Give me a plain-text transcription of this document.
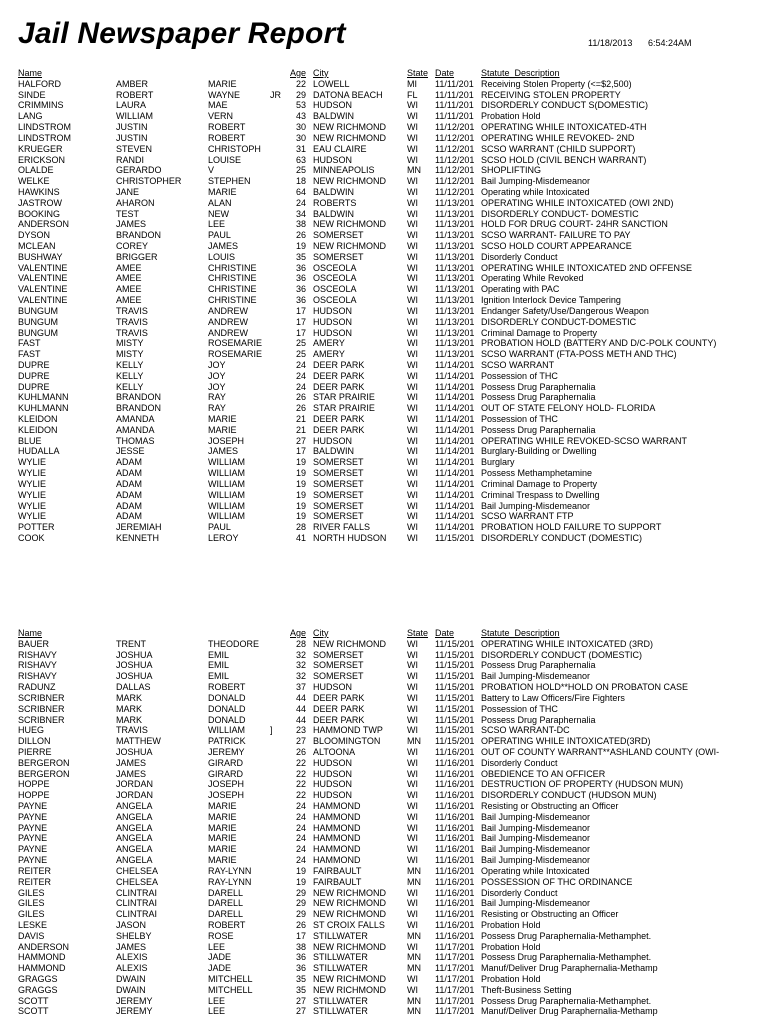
Jail Newspaper Report	11/18/2013 6:54:24AM
Name	Age City	State Date	Statute_Description
HALFORD	AMBER	MARIE	22 LOWELL	MI	11/11/201 Receiving Stolen Property (<=$2,500)
SINDE	ROBERT	WAYNE	JR	29 DATONA BEACH	FL	11/11/201 RECEIVING STOLEN PROPERTY
CRIMMINS	LAURA	MAE	53 HUDSON	WI	11/11/201 DISORDERLY CONDUCT S(DOMESTIC)
LANG	WILLIAM	VERN	43 BALDWIN	WI	11/11/201 Probation Hold
LINDSTROM	JUSTIN	ROBERT	30 NEW RICHMOND	WI	11/12/201 OPERATING WHILE INTOXICATED-4TH
LINDSTROM	JUSTIN	ROBERT	30 NEW RICHMOND	WI	11/12/201 OPERATING WHILE REVOKED- 2ND
KRUEGER	STEVEN	CHRISTOPH	31 EAU CLAIRE	WI	11/12/201 SCSO WARRANT (CHILD SUPPORT)
ERICKSON	RANDI	LOUISE	63 HUDSON	WI	11/12/201 SCSO HOLD (CIVIL BENCH WARRANT)
OLALDE	GERARDO	V	25 MINNEAPOLIS	MN	11/12/201 SHOPLIFTING
WELKE	CHRISTOPHER	STEPHEN	18 NEW RICHMOND	WI	11/12/201 Bail Jumping-Misdemeanor
HAWKINS	JANE	MARIE	64 BALDWIN	WI	11/12/201 Operating while Intoxicated
JASTROW	AHARON	ALAN	24 ROBERTS	WI	11/13/201 OPERATING WHILE INTOXICATED (OWI 2ND)
BOOKING	TEST	NEW	34 BALDWIN	WI	11/13/201 DISORDERLY CONDUCT- DOMESTIC
ANDERSON	JAMES	LEE	38 NEW RICHMOND	WI	11/13/201 HOLD FOR DRUG COURT- 24HR SANCTION
DYSON	BRANDON	PAUL	26 SOMERSET	WI	11/13/201 SCSO WARRANT- FAILURE TO PAY
MCLEAN	COREY	JAMES	19 NEW RICHMOND	WI	11/13/201 SCSO HOLD COURT APPEARANCE
BUSHWAY	BRIGGER	LOUIS	35 SOMERSET	WI	11/13/201 Disorderly Conduct
VALENTINE	AMEE	CHRISTINE	36 OSCEOLA	WI	11/13/201 OPERATING WHILE INTOXICATED 2ND OFFENSE
VALENTINE	AMEE	CHRISTINE	36 OSCEOLA	WI	11/13/201 Operating While Revoked
VALENTINE	AMEE	CHRISTINE	36 OSCEOLA	WI	11/13/201 Operating with PAC
VALENTINE	AMEE	CHRISTINE	36 OSCEOLA	WI	11/13/201 Ignition Interlock Device Tampering
BUNGUM	TRAVIS	ANDREW	17 HUDSON	WI	11/13/201 Endanger Safety/Use/Dangerous Weapon
BUNGUM	TRAVIS	ANDREW	17 HUDSON	WI	11/13/201 DISORDERLY CONDUCT-DOMESTIC
BUNGUM	TRAVIS	ANDREW	17 HUDSON	WI	11/13/201 Criminal Damage to Property
FAST	MISTY	ROSEMARIE	25 AMERY	WI	11/13/201 PROBATION HOLD (BATTERY AND D/C-POLK COUNTY)
FAST	MISTY	ROSEMARIE	25 AMERY	WI	11/13/201 SCSO WARRANT (FTA-POSS METH AND THC)
DUPRE	KELLY	JOY	24 DEER PARK	WI	11/14/201 SCSO WARRANT
DUPRE	KELLY	JOY	24 DEER PARK	WI	11/14/201 Possession of THC
DUPRE	KELLY	JOY	24 DEER PARK	WI	11/14/201 Possess Drug Paraphernalia
KUHLMANN	BRANDON	RAY	26 STAR PRAIRIE	WI	11/14/201 Possess Drug Paraphernalia
KUHLMANN	BRANDON	RAY	26 STAR PRAIRIE	WI	11/14/201 OUT OF STATE FELONY HOLD- FLORIDA
KLEIDON	AMANDA	MARIE	21 DEER PARK	WI	11/14/201 Possession of THC
KLEIDON	AMANDA	MARIE	21 DEER PARK	WI	11/14/201 Possess Drug Paraphernalia
BLUE	THOMAS	JOSEPH	27 HUDSON	WI	11/14/201 OPERATING WHILE REVOKED-SCSO WARRANT
HUDALLA	JESSE	JAMES	17 BALDWIN	WI	11/14/201 Burglary-Building or Dwelling
WYLIE	ADAM	WILLIAM	19 SOMERSET	WI	11/14/201 Burglary
WYLIE	ADAM	WILLIAM	19 SOMERSET	WI	11/14/201 Possess Methamphetamine
WYLIE	ADAM	WILLIAM	19 SOMERSET	WI	11/14/201 Criminal Damage to Property
WYLIE	ADAM	WILLIAM	19 SOMERSET	WI	11/14/201 Criminal Trespass to Dwelling
WYLIE	ADAM	WILLIAM	19 SOMERSET	WI	11/14/201 Bail Jumping-Misdemeanor
WYLIE	ADAM	WILLIAM	19 SOMERSET	WI	11/14/201 SCSO WARRANT FTP
POTTER	JEREMIAH	PAUL	28 RIVER FALLS	WI	11/14/201 PROBATION HOLD FAILURE TO SUPPORT
COOK	KENNETH	LEROY	41 NORTH HUDSON	WI	11/15/201 DISORDERLY CONDUCT (DOMESTIC)
Name	Age City	State Date	Statute_Description
BAUER	TRENT	THEODORE	28 NEW RICHMOND	WI	11/15/201 OPERATING WHILE INTOXICATED (3RD)
RISHAVY	JOSHUA	EMIL	32 SOMERSET	WI	11/15/201 DISORDERLY CONDUCT (DOMESTIC)
RISHAVY	JOSHUA	EMIL	32 SOMERSET	WI	11/15/201 Possess Drug Paraphernalia
RISHAVY	JOSHUA	EMIL	32 SOMERSET	WI	11/15/201 Bail Jumping-Misdemeanor
RADUNZ	DALLAS	ROBERT	37 HUDSON	WI	11/15/201 PROBATION HOLD**HOLD ON PROBATON CASE
SCRIBNER	MARK	DONALD	44 DEER PARK	WI	11/15/201 Battery to Law Officers/Fire Fighters
SCRIBNER	MARK	DONALD	44 DEER PARK	WI	11/15/201 Possession of THC
SCRIBNER	MARK	DONALD	44 DEER PARK	WI	11/15/201 Possess Drug Paraphernalia
HUEG	TRAVIS	WILLIAM	]	23 HAMMOND TWP	WI	11/15/201 SCSO WARRANT-DC
DILLON	MATTHEW	PATRICK	27 BLOOMINGTON	MN	11/15/201 OPERATING WHILE INTOXICATED(3RD)
PIERRE	JOSHUA	JEREMY	26 ALTOONA	WI	11/16/201 OUT OF COUNTY WARRANT**ASHLAND COUNTY (OWI-
BERGERON	JAMES	GIRARD	22 HUDSON	WI	11/16/201 Disorderly Conduct
BERGERON	JAMES	GIRARD	22 HUDSON	WI	11/16/201 OBEDIENCE TO AN OFFICER
HOPPE	JORDAN	JOSEPH	22 HUDSON	WI	11/16/201 DESTRUCTION OF PROPERTY (HUDSON MUN)
HOPPE	JORDAN	JOSEPH	22 HUDSON	WI	11/16/201 DISORDERLY CONDUCT (HUDSON MUN)
PAYNE	ANGELA	MARIE	24 HAMMOND	WI	11/16/201 Resisting or Obstructing an Officer
PAYNE	ANGELA	MARIE	24 HAMMOND	WI	11/16/201 Bail Jumping-Misdemeanor
PAYNE	ANGELA	MARIE	24 HAMMOND	WI	11/16/201 Bail Jumping-Misdemeanor
PAYNE	ANGELA	MARIE	24 HAMMOND	WI	11/16/201 Bail Jumping-Misdemeanor
PAYNE	ANGELA	MARIE	24 HAMMOND	WI	11/16/201 Bail Jumping-Misdemeanor
PAYNE	ANGELA	MARIE	24 HAMMOND	WI	11/16/201 Bail Jumping-Misdemeanor
REITER	CHELSEA	RAY-LYNN	19 FAIRBAULT	MN	11/16/201 Operating while Intoxicated
REITER	CHELSEA	RAY-LYNN	19 FAIRBAULT	MN	11/16/201 POSSESSION OF THC ORDINANCE
GILES	CLINTRAI	DARELL	29 NEW RICHMOND	WI	11/16/201 Disorderly Conduct
GILES	CLINTRAI	DARELL	29 NEW RICHMOND	WI	11/16/201 Bail Jumping-Misdemeanor
GILES	CLINTRAI	DARELL	29 NEW RICHMOND	WI	11/16/201 Resisting or Obstructing an Officer
LESKE	JASON	ROBERT	26 ST CROIX FALLS	WI	11/16/201 Probation Hold
DAVIS	SHELBY	ROSE	17 STILLWATER	MN	11/16/201 Possess Drug Paraphernalia-Methamphet.
ANDERSON	JAMES	LEE	38 NEW RICHMOND	WI	11/17/201 Probation Hold
HAMMOND	ALEXIS	JADE	36 STILLWATER	MN	11/17/201 Possess Drug Paraphernalia-Methamphet.
HAMMOND	ALEXIS	JADE	36 STILLWATER	MN	11/17/201 Manuf/Deliver Drug Paraphernalia-Methamp
GRAGGS	DWAIN	MITCHELL	35 NEW RICHMOND	WI	11/17/201 Probation Hold
GRAGGS	DWAIN	MITCHELL	35 NEW RICHMOND	WI	11/17/201 Theft-Business Setting
SCOTT	JEREMY	LEE	27 STILLWATER	MN	11/17/201 Possess Drug Paraphernalia-Methamphet.
SCOTT	JEREMY	LEE	27 STILLWATER	MN	11/17/201 Manuf/Deliver Drug Paraphernalia-Methamp
